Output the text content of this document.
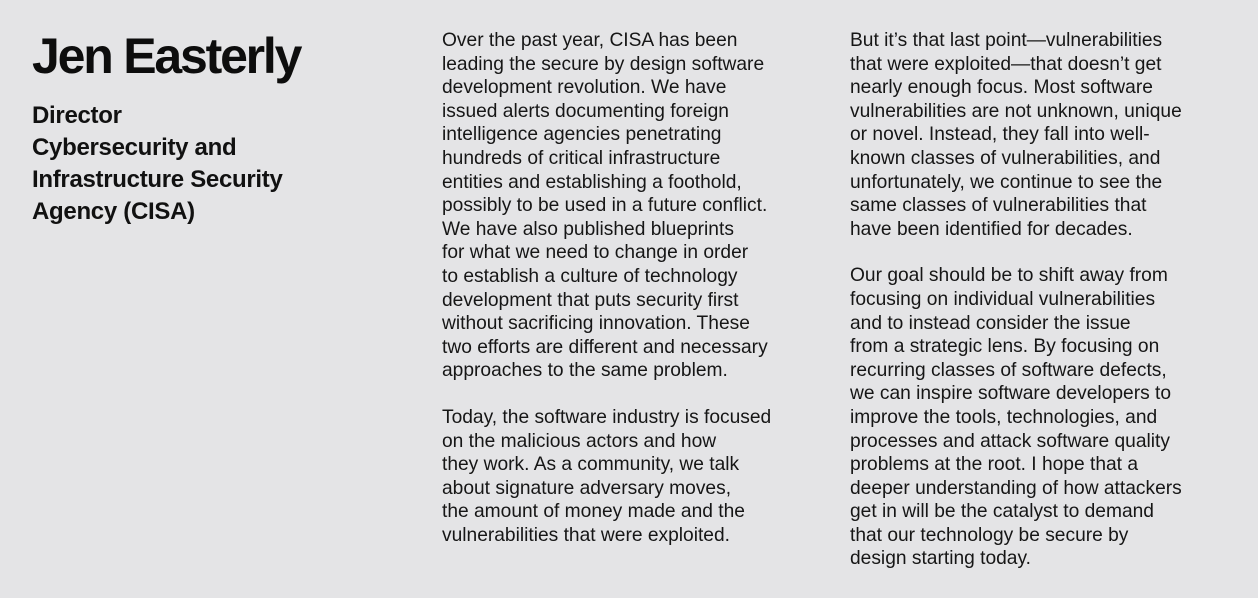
Jen Easterly
Director
Cybersecurity and
Infrastructure Security
Agency (CISA)

Over the past year, CISA has been
leading the secure by design software
development revolution. We have
issued alerts documenting foreign
intelligence agencies penetrating
hundreds of critical infrastructure
entities and establishing a foothold,
possibly to be used in a future conflict.
We have also published blueprints
for what we need to change in order
to establish a culture of technology
development that puts security first
without sacrificing innovation. These
two efforts are different and necessary
approaches to the same problem.

Today, the software industry is focused
on the malicious actors and how
they work. As a community, we talk
about signature adversary moves,
the amount of money made and the
vulnerabilities that were exploited.

But it’s that last point—vulnerabilities
that were exploited—that doesn’t get
nearly enough focus. Most software
vulnerabilities are not unknown, unique
or novel. Instead, they fall into well-
known classes of vulnerabilities, and
unfortunately, we continue to see the
same classes of vulnerabilities that
have been identified for decades.

Our goal should be to shift away from
focusing on individual vulnerabilities
and to instead consider the issue
from a strategic lens. By focusing on
recurring classes of software defects,
we can inspire software developers to
improve the tools, technologies, and
processes and attack software quality
problems at the root. I hope that a
deeper understanding of how attackers
get in will be the catalyst to demand
that our technology be secure by
design starting today.
